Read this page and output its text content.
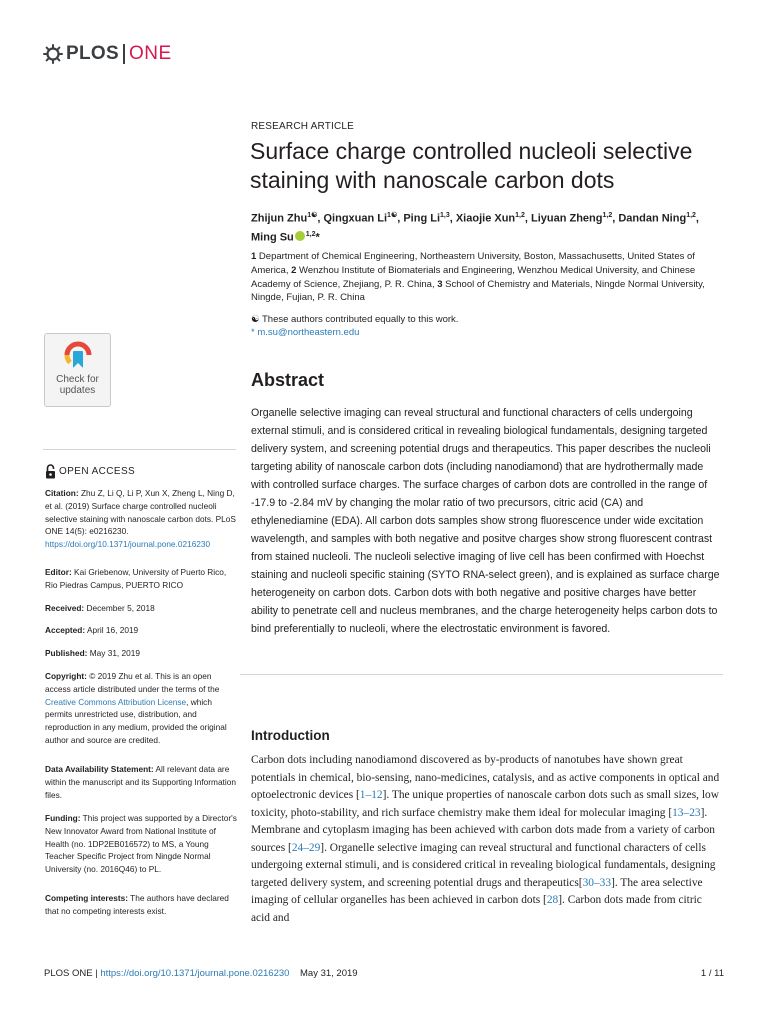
PLOS ONE
RESEARCH ARTICLE
Surface charge controlled nucleoli selective
staining with nanoscale carbon dots
Zhijun Zhu$^{1☯}$, Qingxuan $Li^{1☯}$, Ping Li$^{1,3}$, Xiaojie Xun$^{1,2}$, Liyuan Zheng$^{1,2}$, Dandan Ning$^{1,2}$,
Ming Su $^{1,2}$*
1 Department of Chemical Engineering, Northeastern University, Boston, Massachusetts, United States of America, 2 Wenzhou Institute of Biomaterials and Engineering, Wenzhou Medical University, and Chinese Academy of Science, Zhejiang, P. R. China, 3 School of Chemistry and Materials, Ningde Normal University, Ningde, Fujian, P. R. China
☯ These authors contributed equally to this work.
* m.su@northeastern.edu
Check for
updates
Abstract

Organelle selective imaging can reveal structural and functional characters of cells undergoing external stimuli, and is considered critical in revealing biological fundamentals, designing targeted delivery system, and screening potential drugs and therapeutics. This paper describes the nucleoli targeting ability of nanoscale carbon dots (including nanodiamond) that are hydrothermally made with controlled surface charges. The surface charges of carbon dots are controlled in the range of -17.9 to -2.84 mV by changing the molar ratio of two precursors, citric acid (CA) and ethylenediamine (EDA). All carbon dots samples show strong fluorescence under wide excitation wavelength, and samples with both negative and positve charges show strong fluorescent contrast from stained nucleoli. The nucleoli selective imaging of live cell has been confirmed with Hoechst staining and nucleoli specific staining (SYTO RNA-select green), and is explained as surface charge heterogeneity on carbon dots. Carbon dots with both negative and positive charges have better ability to penetrate cell and nucleus membranes, and the charge heterogeneity helps carbon dots to bind preferentially to nucleoli, where the electrostatic environment is favored.

OPEN ACCESS
Citation: Zhu Z, Li Q, Li P, Xun X, Zheng L, Ning D, et al. (2019) Surface charge controlled nucleoli selective staining with nanoscale carbon dots. PLoS ONE 14(5): e0216230. https://doi.org/10.1371/journal.pone.0216230
Editor: Kai Griebenow, University of Puerto Rico, Rio Piedras Campus, PUERTO RICO
Received: December 5, 2018
Accepted: April 16, 2019
Published: May 31, 2019
Copyright: © 2019 Zhu et al. This is an open access article distributed under the terms of the Creative Commons Attribution License, which permits unrestricted use, distribution, and reproduction in any medium, provided the original author and source are credited.
Data Availability Statement: All relevant data are within the manuscript and its Supporting Information files.
Funding: This project was supported by a Director's New Innovator Award from National Institute of Health (no. 1DP2EB016572) to MS, a Young Teacher Specific Project from Ningde Normal University (no. 2016Q46) to PL.
Competing interests: The authors have declared that no competing interests exist.
Introduction

Carbon dots including nanodiamond discovered as by-products of nanotubes have shown great potentials in chemical, bio-sensing, nano-medicines, catalysis, and as active components in optical and optoelectronic devices [1–12]. The unique properties of nanoscale carbon dots such as small sizes, low toxicity, photo-stability, and rich surface chemistry make them ideal for molecular imaging [13–23]. Membrane and cytoplasm imaging has been achieved with carbon dots made from a variety of carbon sources [24–29]. Organelle selective imaging can reveal structural and functional characters of cells undergoing external stimuli, and is considered critical in revealing biological fundamentals, designing targeted delivery system, and screening potential drugs and therapeutics[30–33]. The area selective imaging of cellular organelles has been achieved in carbon dots [28]. Carbon dots made from citric acid and

PLOS ONE | https://doi.org/10.1371/journal.pone.0216230    May 31, 2019	1 / 11
